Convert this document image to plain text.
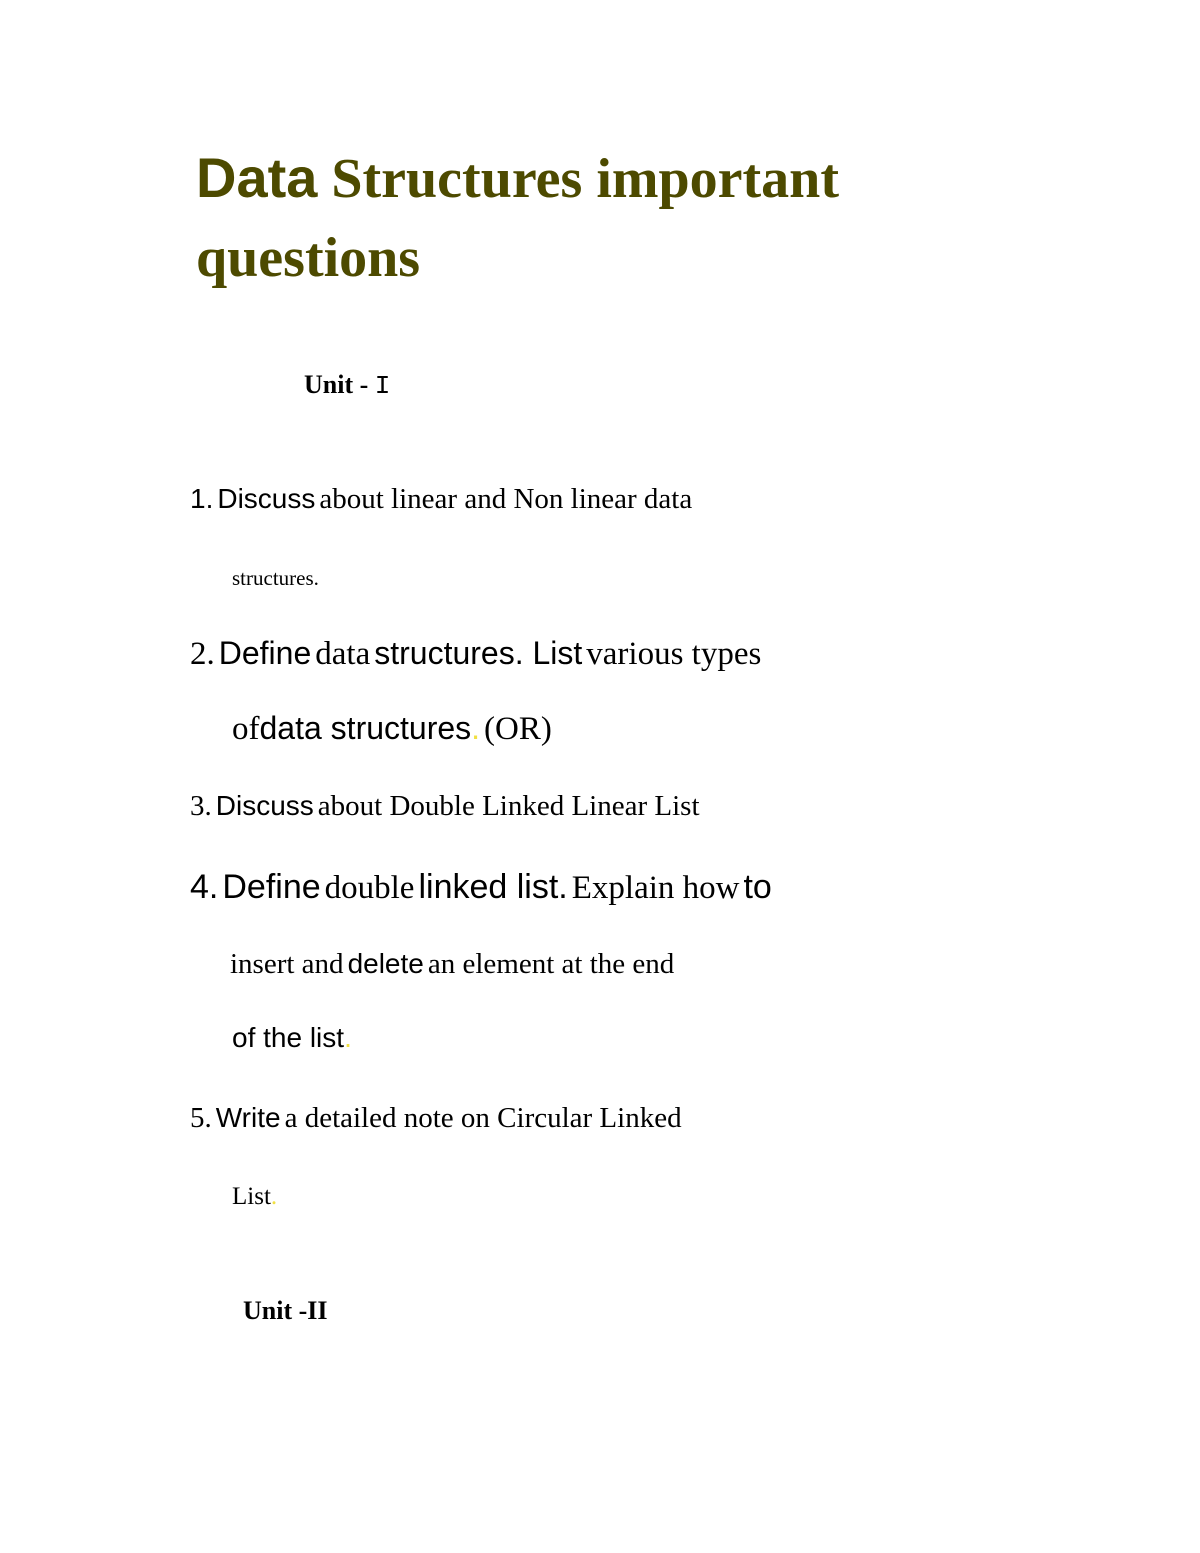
Data Structures important
questions
Unit - I
1. Discuss about linear and Non linear data
structures.
2. Define data structures. List various types
ofdata structures. (OR)
3. Discuss about Double Linked Linear List
4. Define double linked list. Explain how to
insert and delete an element at the end
of the list.
5. Write a detailed note on Circular Linked
List.
Unit -II
